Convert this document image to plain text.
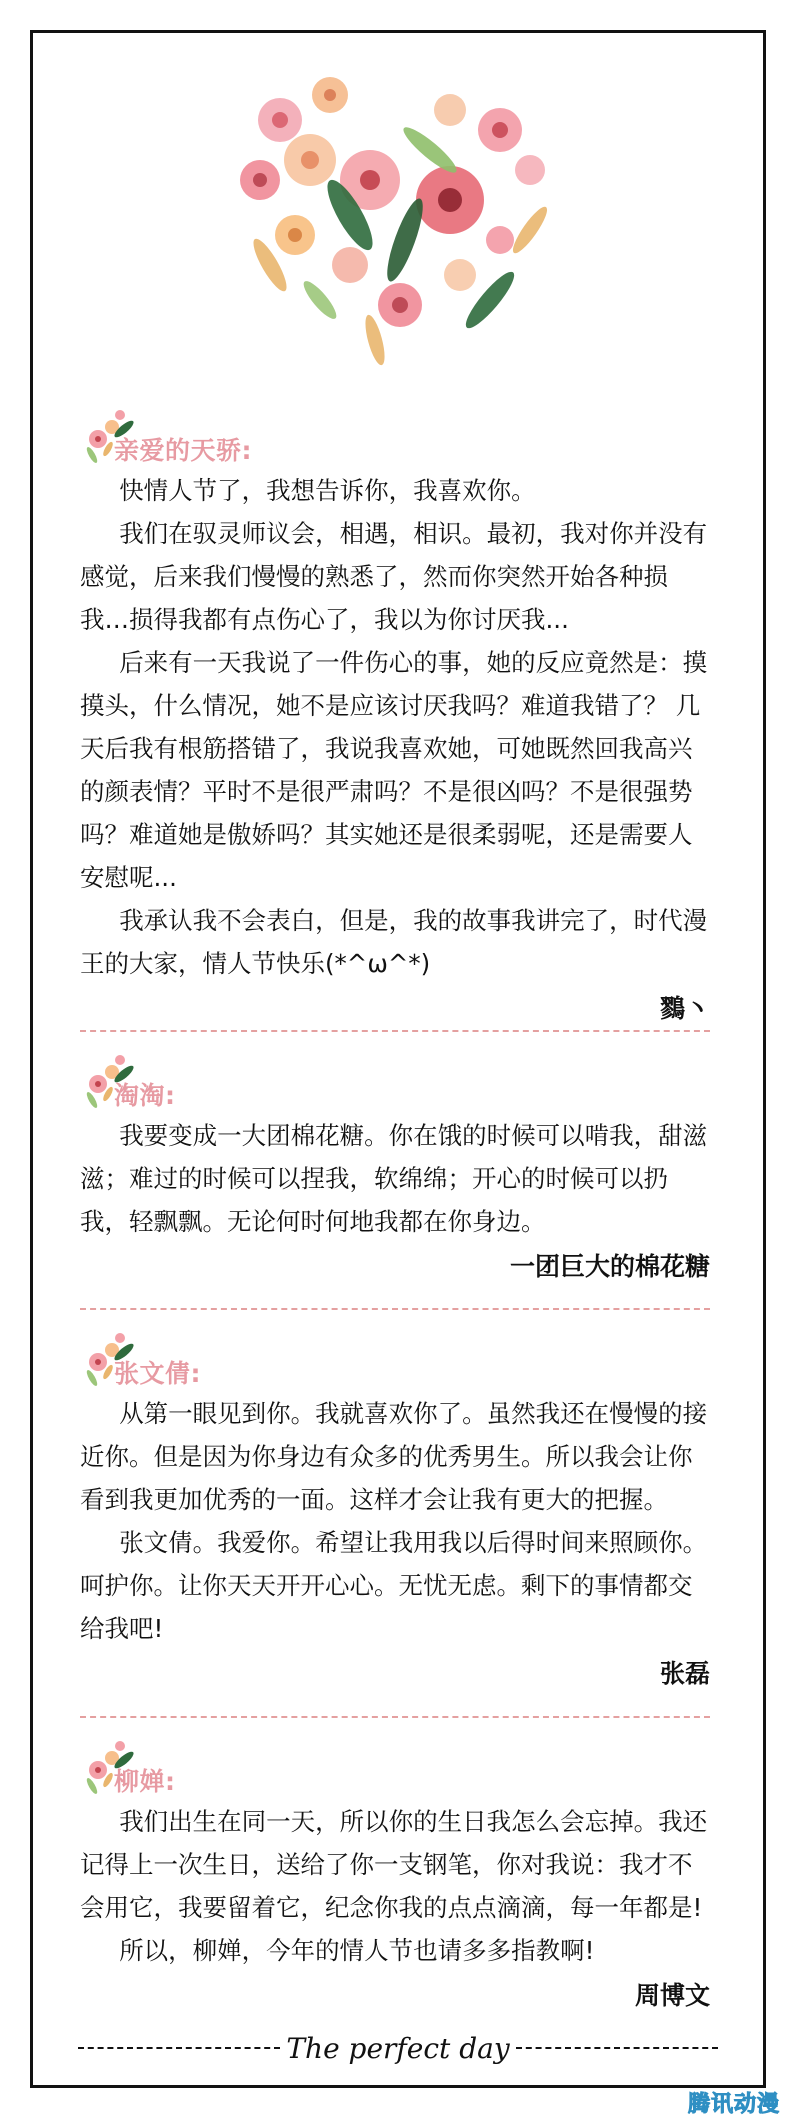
亲爱的天骄:

快情人节了，我想告诉你，我喜欢你。

我们在驭灵师议会，相遇，相识。最初，我对你并没有感觉，后来我们慢慢的熟悉了，然而你突然开始各种损我…损得我都有点伤心了，我以为你讨厌我...

后来有一天我说了一件伤心的事，她的反应竟然是：摸摸头，什么情况，她不是应该讨厌我吗？难道我错了？ 几天后我有根筋搭错了，我说我喜欢她，可她既然回我高兴的颜表情？平时不是很严肃吗？不是很凶吗？不是很强势吗？难道她是傲娇吗？其实她还是很柔弱呢，还是需要人安慰呢...

我承认我不会表白，但是，我的故事我讲完了，时代漫王的大家，情人节快乐(*^ω^*)

鷚丶
淘淘:

我要变成一大团棉花糖。你在饿的时候可以啃我，甜滋滋；难过的时候可以捏我，软绵绵；开心的时候可以扔我，轻飘飘。无论何时何地我都在你身边。

一团巨大的棉花糖
张文倩:

从第一眼见到你。我就喜欢你了。虽然我还在慢慢的接近你。但是因为你身边有众多的优秀男生。所以我会让你看到我更加优秀的一面。这样才会让我有更大的把握。

张文倩。我爱你。希望让我用我以后得时间来照顾你。呵护你。让你天天开开心心。无忧无虑。剩下的事情都交给我吧!

张磊
柳婵:

我们出生在同一天，所以你的生日我怎么会忘掉。我还记得上一次生日，送给了你一支钢笔，你对我说：我才不会用它，我要留着它，纪念你我的点点滴滴，每一年都是!

所以，柳婵，今年的情人节也请多多指教啊!

周博文
The perfect day
腾讯动漫
